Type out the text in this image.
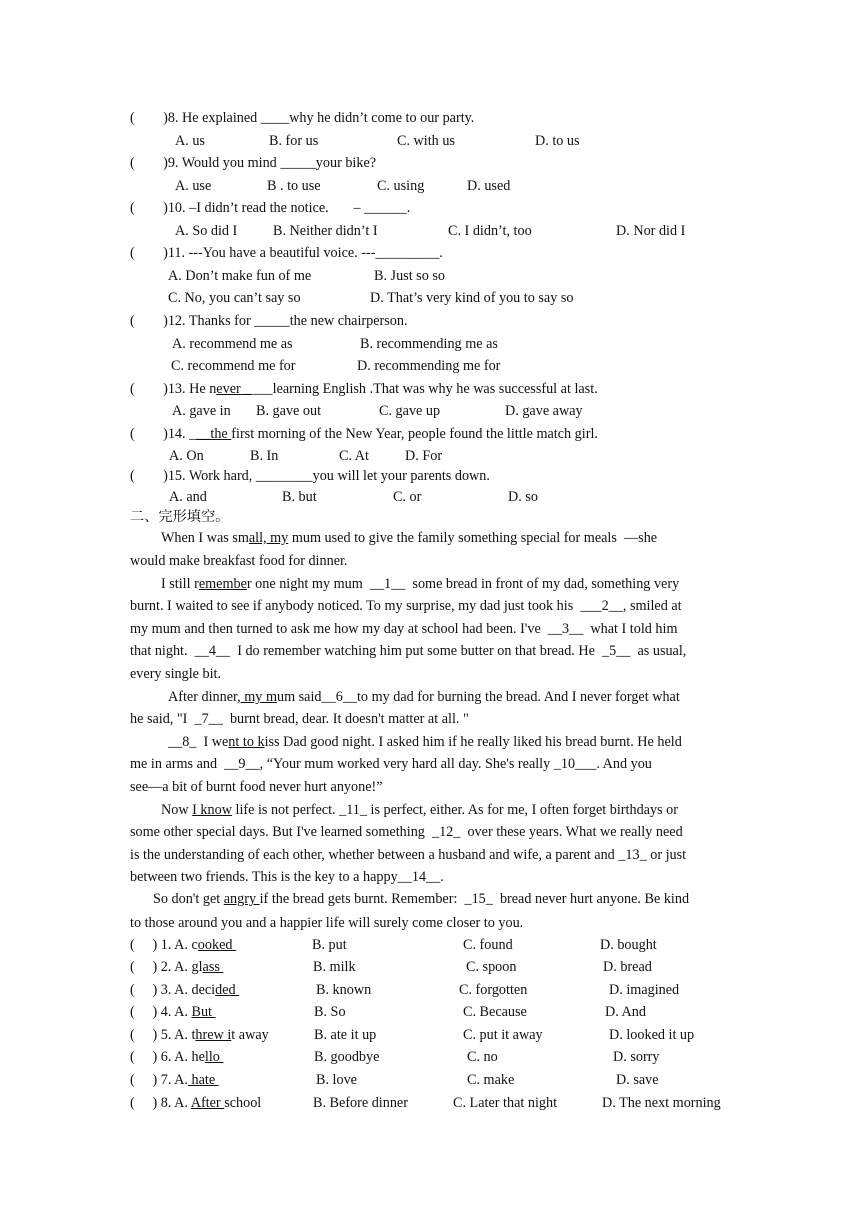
(        )8. He explained ____why he didn’t come to our party.
A. us	B. for us	C. with us	D. to us
(        )9. Would you mind _____your bike?
A. use	B . to use	C. using	D. used
(        )10. –I didn’t read the notice.       – ______.
A. So did I	B. Neither didn’t I	C. I didn’t, too	D. Nor did I
(        )11. ---You have a beautiful voice. ---_________.
A. Don’t make fun of me	B. Just so so
C. No, you can’t say so	D. That’s very kind of you to say so
(        )12. Thanks for _____the new chairperson.
A. recommend me as	B. recommending me as
C. recommend me for	D. recommending me for
(        )13. He never ____learning English .That was why he was successful at last.
A. gave in B. gave out	C. gave up	D. gave away
(        )14. ___the first morning of the New Year, people found the little match girl.
A. On	B. In	C. At	D. For
(        )15. Work hard, ________you will let your parents down.
A. and	B. but	C. or	D. so
二、完形填空。
When I was small, my mum used to give the family something special for meals  —she
would make breakfast food for dinner.
I still remember one night my mum  __1__  some bread in front of my dad, something very
burnt. I waited to see if anybody noticed. To my surprise, my dad just took his  ___2__, smiled at
my mum and then turned to ask me how my day at school had been. I've  __3__  what I told him
that night.  __4__  I do remember watching him put some butter on that bread. He  _5__  as usual,
every single bit.
After dinner, my mum said__6__to my dad for burning the bread. And I never forget what
he said, "I  _7__  burnt bread, dear. It doesn't matter at all. "
__8_  I went to kiss Dad good night. I asked him if he really liked his bread burnt. He held
me in arms and  __9__, “Your mum worked very hard all day. She's really _10___. And you
see—a bit of burnt food never hurt anyone!”
Now I know life is not perfect. _11_ is perfect, either. As for me, I often forget birthdays or
some other special days. But I've learned something  _12_  over these years. What we really need
is the understanding of each other, whether between a husband and wife, a parent and _13_ or just
between two friends. This is the key to a happy__14__.
So don't get angry if the bread gets burnt. Remember:  _15_  bread never hurt anyone. Be kind
to those around you and a happier life will surely come closer to you.
(     ) 1. A. cooked	B. put	C. found	D. bought
(     ) 2. A. glass	B. milk	C. spoon	D. bread
(     ) 3. A. decided	B. known	C. forgotten	D. imagined
(     ) 4. A. But	B. So	C. Because	D. And
(     ) 5. A. threw it away	B. ate it up	C. put it away	D. looked it up
(     ) 6. A. hello	B. goodbye	C. no	D. sorry
(     ) 7. A. hate	B. love	C. make	D. save
(     ) 8. A. After school	B. Before dinner	C. Later that night	D. The next morning
